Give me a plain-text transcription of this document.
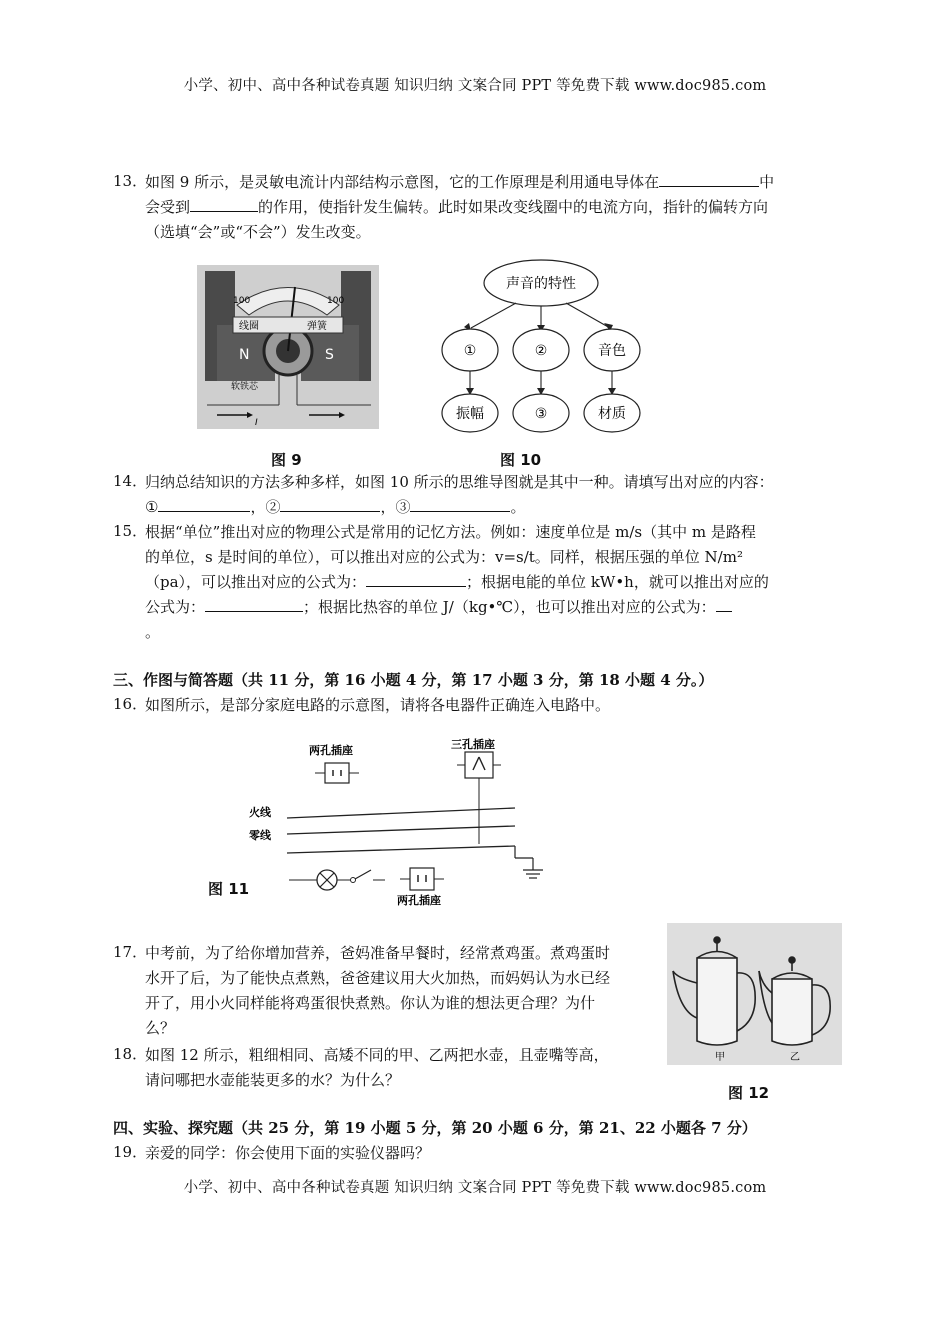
小学、初中、高中各种试卷真题 知识归纳 文案合同 PPT 等免费下载 www.doc985.com
13．
如图 9 所示，是灵敏电流计内部结构示意图，它的工作原理是利用通电导体在	中
会受到	的作用，使指针发生偏转。此时如果改变线圈中的电流方向，指针的偏转方向
（选填“会”或“不会”）发生改变。
线圈	弹簧
100	100
N	S
软铁芯
I
图 9
声音的特性
①	②	音色
振幅	③	材质
图 10
14．
归纳总结知识的方法多种多样，如图 10 所示的思维导图就是其中一种。请填写出对应的内容：
①	，②	，③	。
15．
根据“单位”推出对应的物理公式是常用的记忆方法。例如：速度单位是 m/s（其中 m 是路程
的单位，s 是时间的单位），可以推出对应的公式为：v=s/t。同样，根据压强的单位 N/m²
（pa），可以推出对应的公式为：	；根据电能的单位 kW•h，就可以推出对应的
公式为：	；根据比热容的单位 J/（kg•℃），也可以推出对应的公式为：
。
三、作图与简答题（共 11 分，第 16 小题 4 分，第 17 小题 3 分，第 18 小题 4 分。）
16．
如图所示，是部分家庭电路的示意图，请将各电器件正确连入电路中。
两孔插座	三孔插座
火线
零线
两孔插座
图 11
17．
中考前，为了给你增加营养，爸妈准备早餐时，经常煮鸡蛋。煮鸡蛋时
水开了后，为了能快点煮熟，爸爸建议用大火加热，而妈妈认为水已经
开了，用小火同样能将鸡蛋很快煮熟。你认为谁的想法更合理？为什
么？
18．
如图 12 所示，粗细相同、高矮不同的甲、乙两把水壶，且壶嘴等高，
请问哪把水壶能装更多的水？为什么？
甲	乙
图 12
四、实验、探究题（共 25 分，第 19 小题 5 分，第 20 小题 6 分，第 21、22 小题各 7 分）
19．
亲爱的同学：你会使用下面的实验仪器吗？
小学、初中、高中各种试卷真题 知识归纳 文案合同 PPT 等免费下载 www.doc985.com
